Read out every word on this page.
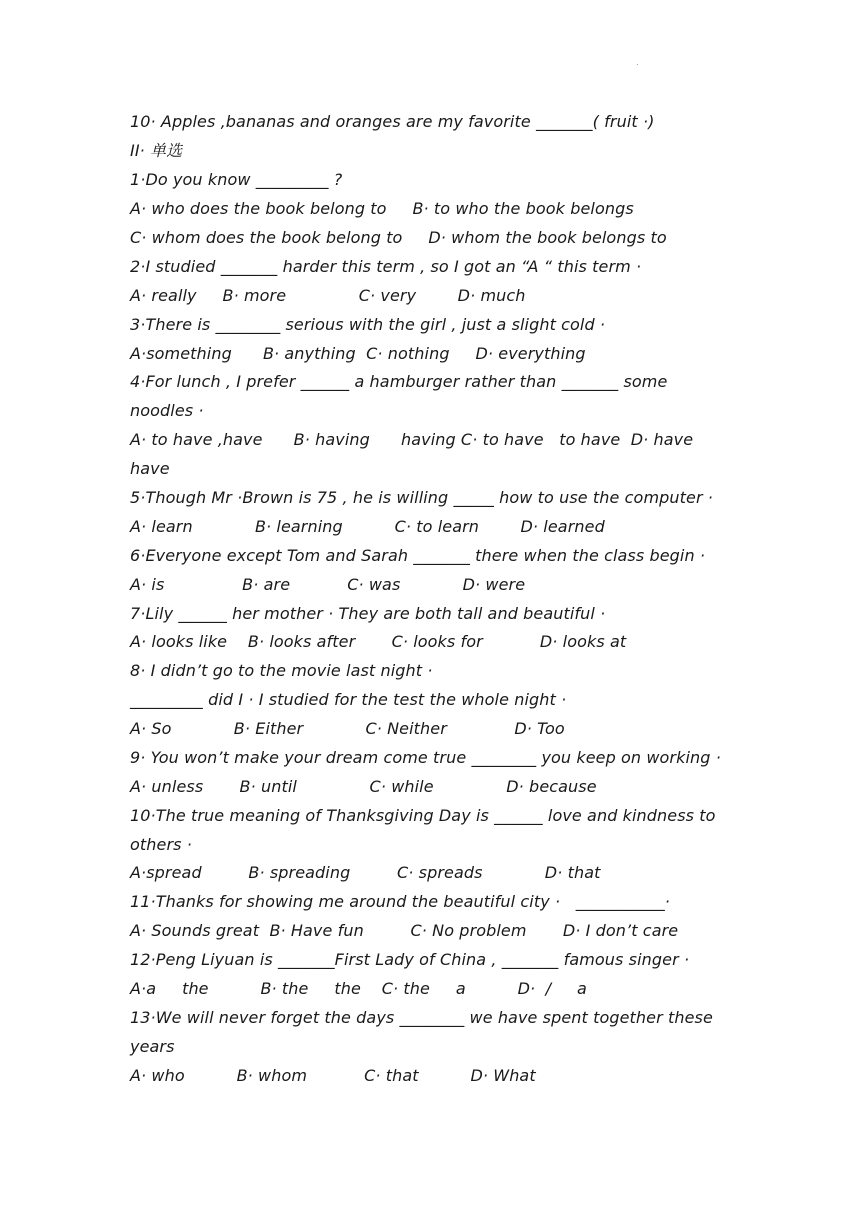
.
10· Apples ,bananas and oranges are my favorite _______( fruit ·)
II· 单选
1·Do you know _________ ?
A· who does the book belong to     B· to who the book belongs
C· whom does the book belong to     D· whom the book belongs to
2·I studied _______ harder this term , so I got an “A “ this term ·
A· really     B· more              C· very        D· much
3·There is ________ serious with the girl , just a slight cold ·
A·something      B· anything  C· nothing     D· everything
4·For lunch , I prefer ______ a hamburger rather than _______ some
noodles ·
A· to have ,have      B· having      having C· to have   to have  D· have
have
5·Though Mr ·Brown is 75 , he is willing _____ how to use the computer ·
A· learn            B· learning          C· to learn        D· learned
6·Everyone except Tom and Sarah _______ there when the class begin ·
A· is               B· are           C· was            D· were
7·Lily ______ her mother · They are both tall and beautiful ·
A· looks like    B· looks after       C· looks for           D· looks at
8· I didn’t go to the movie last night ·
_________ did I · I studied for the test the whole night ·
A· So            B· Either            C· Neither             D· Too
9· You won’t make your dream come true ________ you keep on working ·
A· unless       B· until              C· while              D· because
10·The true meaning of Thanksgiving Day is ______ love and kindness to
others ·
A·spread         B· spreading         C· spreads            D· that
11·Thanks for showing me around the beautiful city ·   ___________·
A· Sounds great  B· Have fun         C· No problem       D· I don’t care
12·Peng Liyuan is _______First Lady of China , _______ famous singer ·
A·a     the          B· the     the    C· the     a          D·  /     a
13·We will never forget the days ________ we have spent together these
years
A· who          B· whom           C· that          D· What
